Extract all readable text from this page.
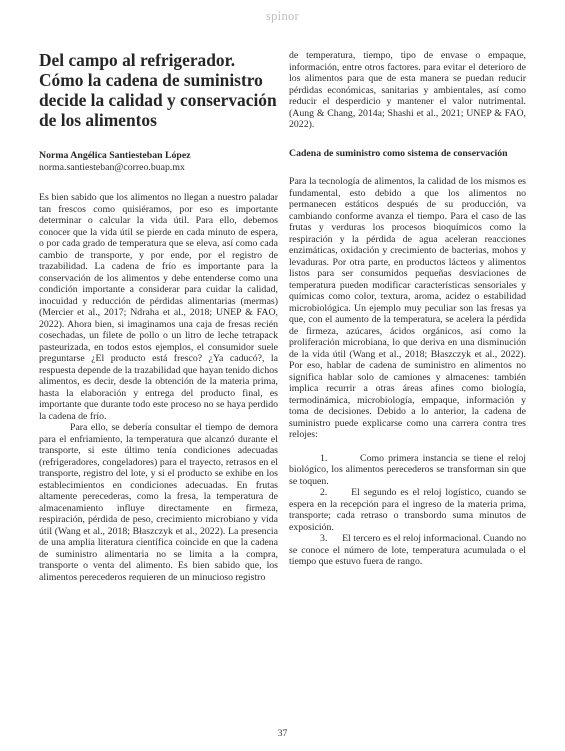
spinor
Del campo al refrigerador. Cómo la cadena de suministro decide la calidad y conservación de los alimentos
Norma Angélica Santiesteban López
norma.santiesteban@correo.buap.mx

Es bien sabido que los alimentos no llegan a nuestro paladar tan frescos como quisiéramos, por eso es importante determinar o calcular la vida útil. Para ello, debemos conocer que la vida útil se pierde en cada minuto de espera, o por cada grado de temperatura que se eleva, así como cada cambio de transporte, y por ende, por el registro de trazabilidad. La cadena de frío es importante para la conservación de los alimentos y debe entenderse como una condición importante a considerar para cuidar la calidad, inocuidad y reducción de pérdidas alimentarias (mermas) (Mercier et al., 2017; Ndraha et al., 2018; UNEP & FAO, 2022). Ahora bien, si imaginamos una caja de fresas recién cosechadas, un filete de pollo o un litro de leche tetrapack pasteurizada, en todos estos ejemplos, el consumidor suele preguntarse ¿El producto está fresco? ¿Ya caducó?, la respuesta depende de la trazabilidad que hayan tenido dichos alimentos, es decir, desde la obtención de la materia prima, hasta la elaboración y entrega del producto final, es importante que durante todo este proceso no se haya perdido la cadena de frío.

Para ello, se debería consultar el tiempo de demora para el enfriamiento, la temperatura que alcanzó durante el transporte, si este último tenía condiciones adecuadas (refrigeradores, congeladores) para el trayecto, retrasos en el transporte, registro del lote, y si el producto se exhibe en los establecimientos en condiciones adecuadas. En frutas altamente perecederas, como la fresa, la temperatura de almacenamiento influye directamente en firmeza, respiración, pérdida de peso, crecimiento microbiano y vida útil (Wang et al., 2018; Błaszczyk et al., 2022). La presencia de una amplia literatura científica coincide en que la cadena de suministro alimentaria no se limita a la compra, transporte o venta del alimento. Es bien sabido que, los alimentos perecederos requieren de un minucioso registro

de temperatura, tiempo, tipo de envase o empaque, información, entre otros factores. para evitar el deterioro de los alimentos para que de esta manera se puedan reducir pérdidas económicas, sanitarias y ambientales, así como reducir el desperdicio y mantener el valor nutrimental. (Aung & Chang, 2014a; Shashi et al., 2021; UNEP & FAO, 2022).

Cadena de suministro como sistema de conservación

Para la tecnología de alimentos, la calidad de los mismos es fundamental, esto debido a que los alimentos no permanecen estáticos después de su producción, va cambiando conforme avanza el tiempo. Para el caso de las frutas y verduras los procesos bioquímicos como la respiración y la pérdida de agua aceleran reacciones enzimáticas, oxidación y crecimiento de bacterias, mohos y levaduras. Por otra parte, en productos lácteos y alimentos listos para ser consumidos pequeñas desviaciones de temperatura pueden modificar características sensoriales y químicas como color, textura, aroma, acidez o estabilidad microbiológica. Un ejemplo muy peculiar son las fresas ya que, con el aumento de la temperatura, se acelera la pérdida de firmeza, azúcares, ácidos orgánicos, así como la proliferación microbiana, lo que deriva en una disminución de la vida útil (Wang et al., 2018; Błaszczyk et al., 2022). Por eso, hablar de cadena de suministro en alimentos no significa hablar solo de camiones y almacenes: también implica recurrir a otras áreas afines como biología, termodinámica, microbiología, empaque, información y toma de decisiones. Debido a lo anterior, la cadena de suministro puede explicarse como una carrera contra tres relojes:

1.        Como primera instancia se tiene el reloj biológico, los alimentos perecederos se transforman sin que se toquen.

2.      El segundo es el reloj logístico, cuando se espera en la recepción para el ingreso de la materia prima, transporte; cada retraso o transbordo suma minutos de exposición.

3.      El tercero es el reloj informacional. Cuando no se conoce el número de lote, temperatura acumulada o el tiempo que estuvo fuera de rango.

37
